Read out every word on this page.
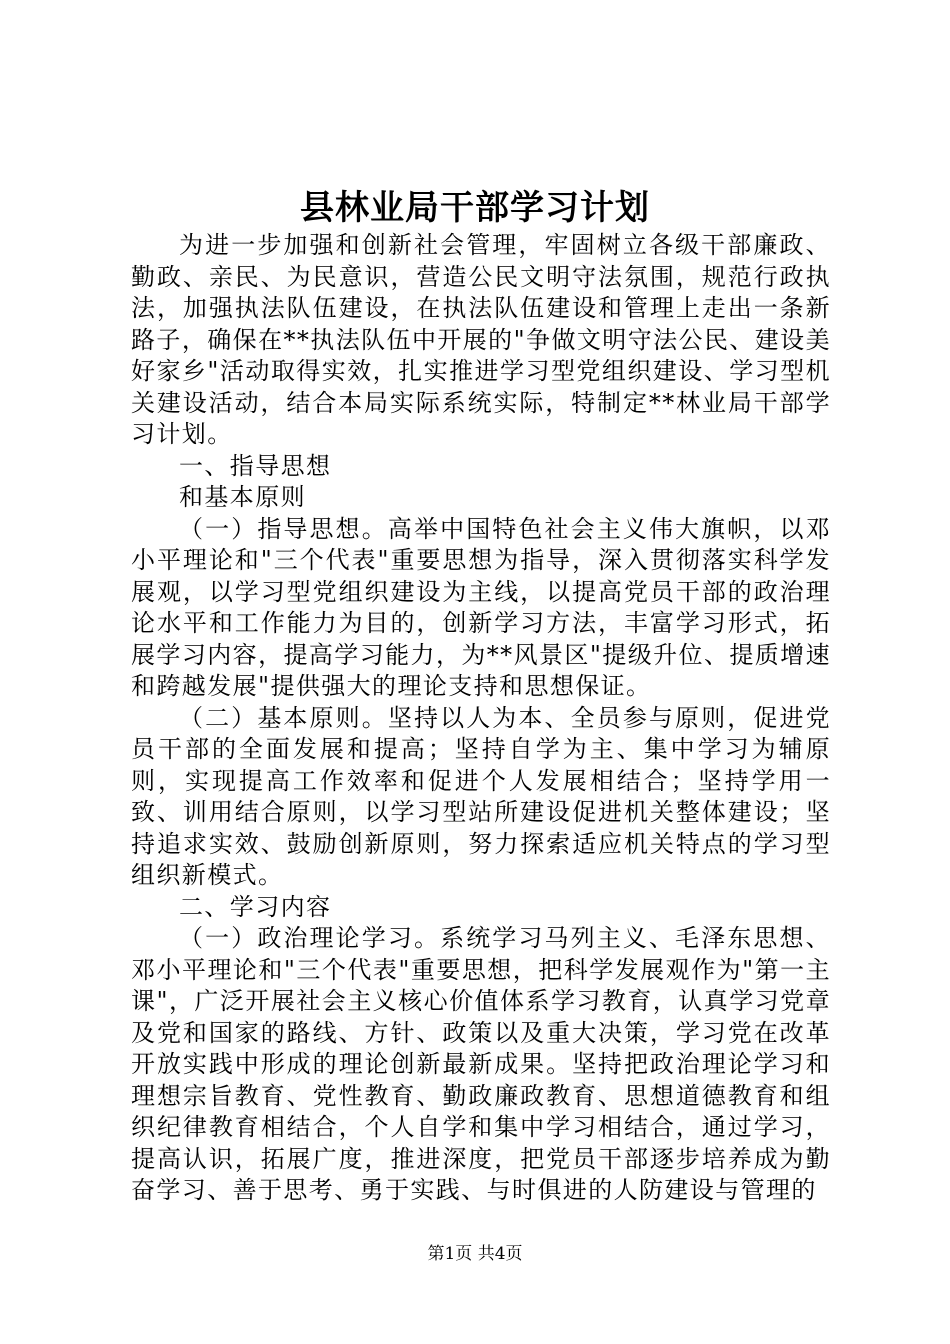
县林业局干部学习计划

为进一步加强和创新社会管理，牢固树立各级干部廉政、勤政、亲民、为民意识，营造公民文明守法氛围，规范行政执法，加强执法队伍建设，在执法队伍建设和管理上走出一条新路子，确保在**执法队伍中开展的"争做文明守法公民、建设美好家乡"活动取得实效，扎实推进学习型党组织建设、学习型机关建设活动，结合本局实际系统实际，特制定**林业局干部学习计划。

一、指导思想

和基本原则

（一）指导思想。高举中国特色社会主义伟大旗帜，以邓小平理论和"三个代表"重要思想为指导，深入贯彻落实科学发展观，以学习型党组织建设为主线，以提高党员干部的政治理论水平和工作能力为目的，创新学习方法，丰富学习形式，拓展学习内容，提高学习能力，为**风景区"提级升位、提质增速和跨越发展"提供强大的理论支持和思想保证。

（二）基本原则。坚持以人为本、全员参与原则，促进党员干部的全面发展和提高；坚持自学为主、集中学习为辅原则，实现提高工作效率和促进个人发展相结合；坚持学用一致、训用结合原则，以学习型站所建设促进机关整体建设；坚持追求实效、鼓励创新原则，努力探索适应机关特点的学习型组织新模式。

二、学习内容

（一）政治理论学习。系统学习马列主义、毛泽东思想、邓小平理论和"三个代表"重要思想，把科学发展观作为"第一主课"，广泛开展社会主义核心价值体系学习教育，认真学习党章及党和国家的路线、方针、政策以及重大决策，学习党在改革开放实践中形成的理论创新最新成果。坚持把政治理论学习和理想宗旨教育、党性教育、勤政廉政教育、思想道德教育和组织纪律教育相结合，个人自学和集中学习相结合，通过学习，提高认识，拓展广度，推进深度，把党员干部逐步培养成为勤奋学习、善于思考、勇于实践、与时俱进的人防建设与管理的

第1页 共4页
